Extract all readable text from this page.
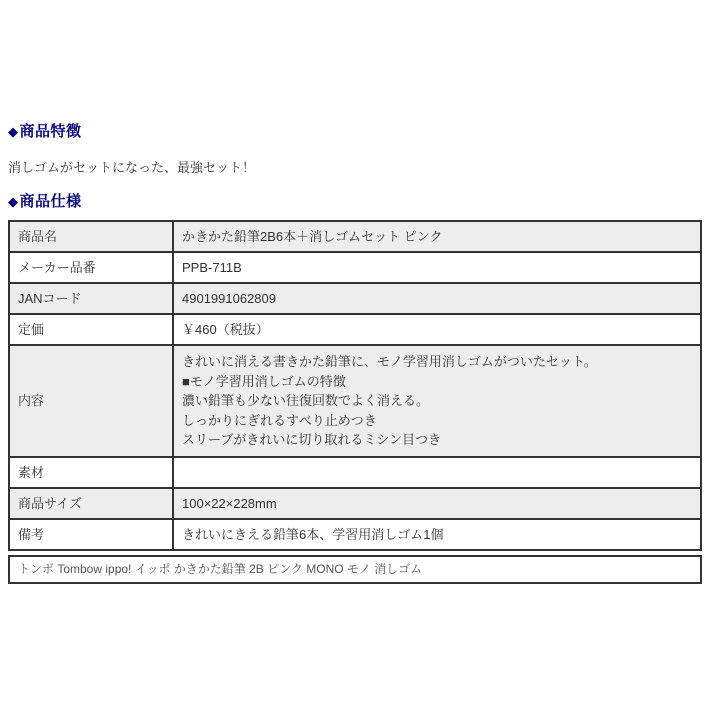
◆商品特徴
消しゴムがセットになった、最強セット！
◆商品仕様
商品名	かきかた鉛筆2B6本＋消しゴムセット ピンク
メーカー品番	PPB-711B
JANコード	4901991062809
定価	￥460（税抜）
内容	きれいに消える書きかた鉛筆に、モノ学習用消しゴムがついたセット。
■モノ学習用消しゴムの特徴
濃い鉛筆も少ない往復回数でよく消える。
しっかりにぎれるすべり止めつき
スリーブがきれいに切り取れるミシン目つき

素材	
商品サイズ	100×22×228mm
備考	きれいにきえる鉛筆6本、学習用消しゴム1個
トンボ Tombow ippo! イッポ かきかた鉛筆 2B ピンク MONO モノ 消しゴム
